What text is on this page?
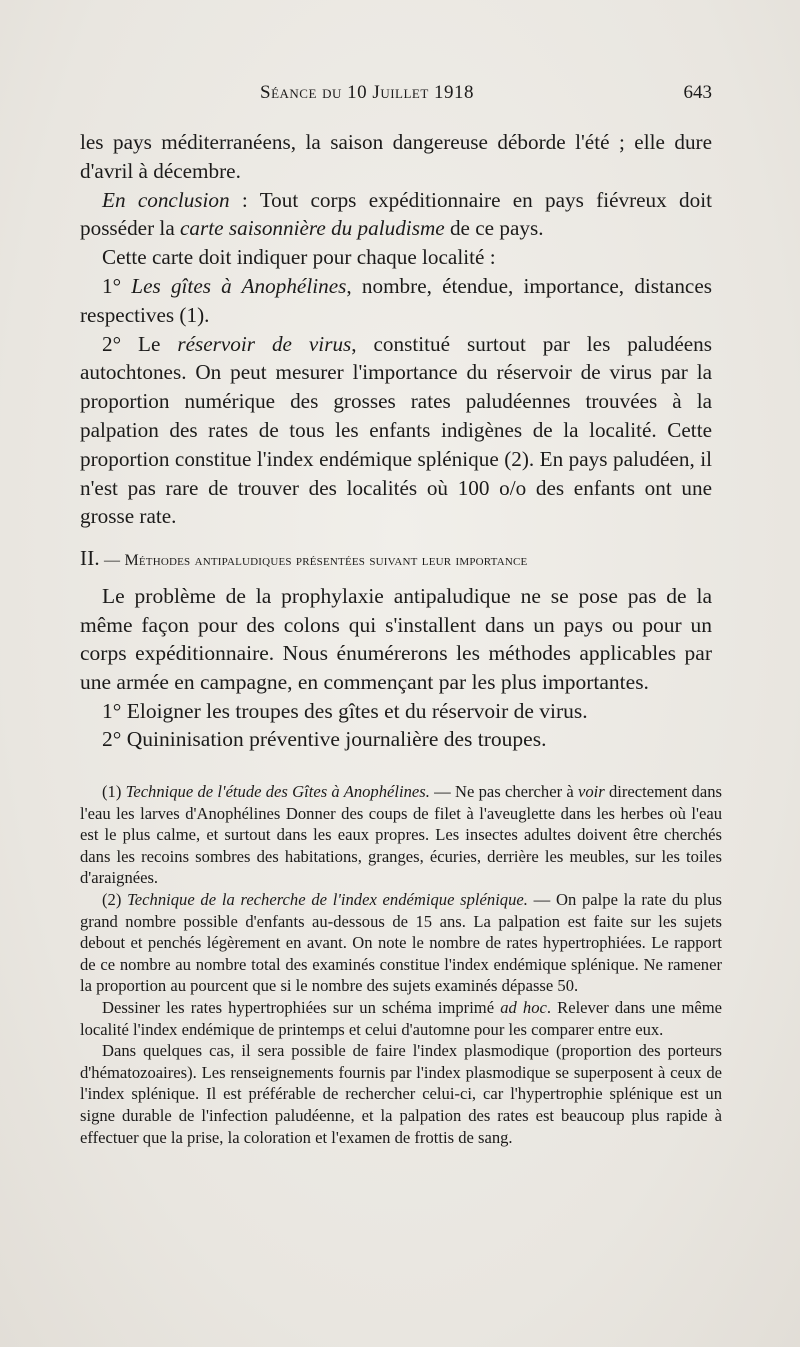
Séance du 10 Juillet 1918	643

les pays méditerranéens, la saison dangereuse déborde l'été ; elle dure d'avril à décembre.

En conclusion : Tout corps expéditionnaire en pays fiévreux doit posséder la carte saisonnière du paludisme de ce pays.

Cette carte doit indiquer pour chaque localité :

1° Les gîtes à Anophélines, nombre, étendue, importance, distances respectives (1).

2° Le réservoir de virus, constitué surtout par les paludéens autochtones. On peut mesurer l'importance du réservoir de virus par la proportion numérique des grosses rates paludéennes trouvées à la palpation des rates de tous les enfants indigènes de la localité. Cette proportion constitue l'index endémique splénique (2). En pays paludéen, il n'est pas rare de trouver des localités où 100 o/o des enfants ont une grosse rate.

II. — Méthodes antipaludiques présentées suivant leur importance

Le problème de la prophylaxie antipaludique ne se pose pas de la même façon pour des colons qui s'installent dans un pays ou pour un corps expéditionnaire. Nous énumérerons les méthodes applicables par une armée en campagne, en commençant par les plus importantes.

1° Eloigner les troupes des gîtes et du réservoir de virus.

2° Quininisation préventive journalière des troupes.

(1) Technique de l'étude des Gîtes à Anophélines. — Ne pas chercher à voir directement dans l'eau les larves d'Anophélines Donner des coups de filet à l'aveuglette dans les herbes où l'eau est le plus calme, et surtout dans les eaux propres. Les insectes adultes doivent être cherchés dans les recoins sombres des habitations, granges, écuries, derrière les meubles, sur les toiles d'araignées.

(2) Technique de la recherche de l'index endémique splénique. — On palpe la rate du plus grand nombre possible d'enfants au-dessous de 15 ans. La palpation est faite sur les sujets debout et penchés légèrement en avant. On note le nombre de rates hypertrophiées. Le rapport de ce nombre au nombre total des examinés constitue l'index endémique splénique. Ne ramener la proportion au pourcent que si le nombre des sujets examinés dépasse 50.

Dessiner les rates hypertrophiées sur un schéma imprimé ad hoc. Relever dans une même localité l'index endémique de printemps et celui d'automne pour les comparer entre eux.

Dans quelques cas, il sera possible de faire l'index plasmodique (proportion des porteurs d'hématozoaires). Les renseignements fournis par l'index plasmodique se superposent à ceux de l'index splénique. Il est préférable de rechercher celui-ci, car l'hypertrophie splénique est un signe durable de l'infection paludéenne, et la palpation des rates est beaucoup plus rapide à effectuer que la prise, la coloration et l'examen de frottis de sang.
